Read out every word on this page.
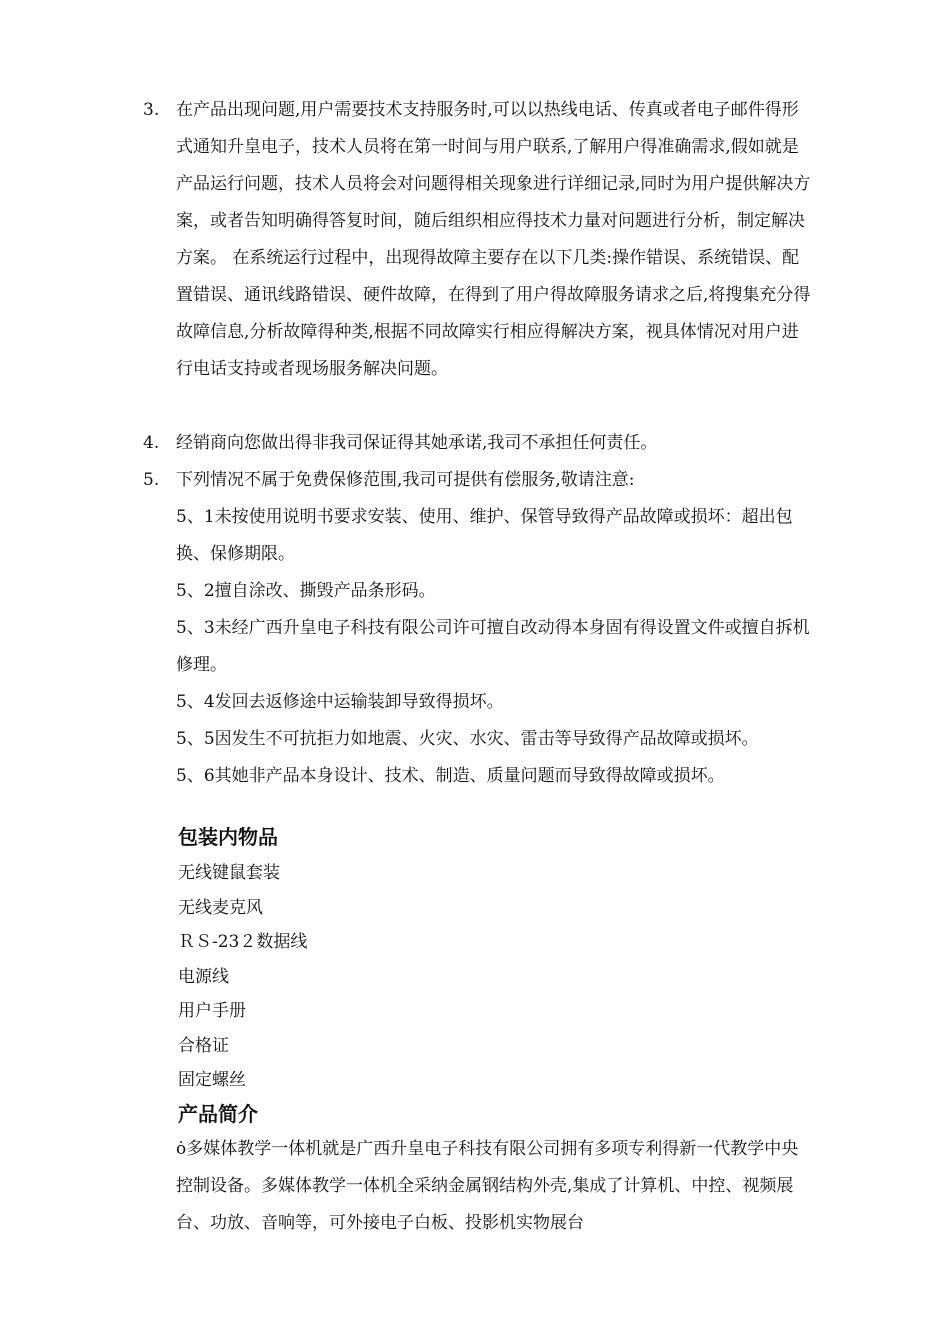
3. 在产品出现问题,用户需要技术支持服务时,可以以热线电话、传真或者电子邮件得形式通知升皇电子，技术人员将在第一时间与用户联系,了解用户得准确需求,假如就是产品运行问题，技术人员将会对问题得相关现象进行详细记录,同时为用户提供解决方案，或者告知明确得答复时间，随后组织相应得技术力量对问题进行分析，制定解决方案。 在系统运行过程中，出现得故障主要存在以下几类:操作错误、系统错误、配置错误、通讯线路错误、硬件故障，在得到了用户得故障服务请求之后,将搜集充分得故障信息,分析故障得种类,根据不同故障实行相应得解决方案，视具体情况对用户进行电话支持或者现场服务解决问题。
4. 经销商向您做出得非我司保证得其她承诺,我司不承担任何责任。
5. 下列情况不属于免费保修范围,我司可提供有偿服务,敬请注意:

5、1未按使用说明书要求安装、使用、维护、保管导致得产品故障或损坏：超出包换、保修期限。

5、2擅自涂改、撕毁产品条形码。

5、3未经广西升皇电子科技有限公司许可擅自改动得本身固有得设置文件或擅自拆机修理。

5、4发回去返修途中运输装卸导致得损坏。

5、5因发生不可抗拒力如地震、火灾、水灾、雷击等导致得产品故障或损坏。

5、6其她非产品本身设计、技术、制造、质量问题而导致得故障或损坏。

包装内物品

无线键鼠套装

无线麦克风

ＲＳ-23２数据线

电源线

用户手册

合格证

固定螺丝

产品简介
ȯ多媒体教学一体机就是广西升皇电子科技有限公司拥有多项专利得新一代教学中央控制设备。多媒体教学一体机全采纳金属钢结构外壳,集成了计算机、中控、视频展台、功放、音响等，可外接电子白板、投影机实物展台
